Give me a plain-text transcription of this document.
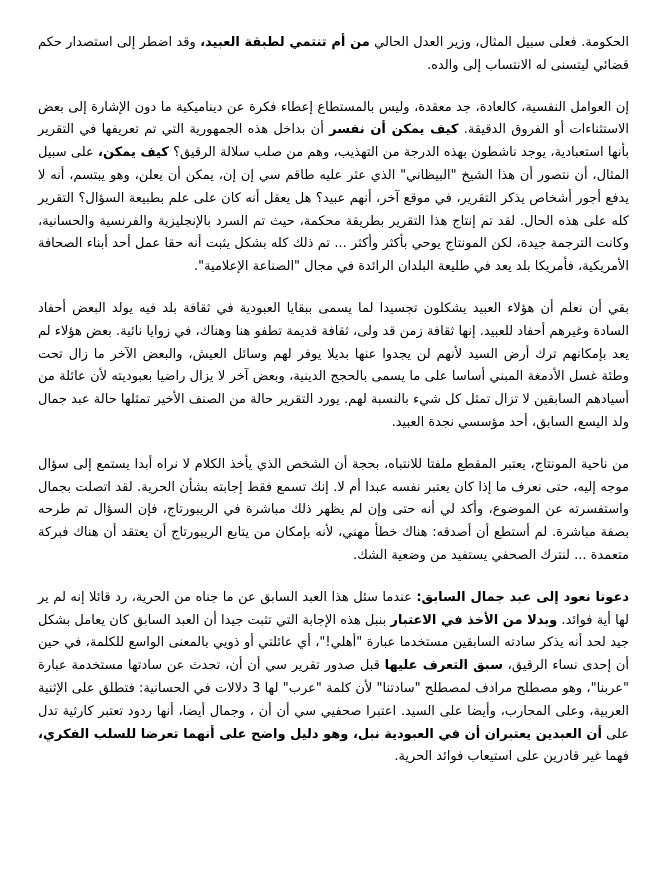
الحكومة. فعلى سبيل المثال، وزير العدل الحالي من أم تنتمي لطبقة العبيد، وقد اضطر إلى استصدار حكم قضائي ليتسنى له الانتساب إلى والده.

إن العوامل النفسية، كالعادة، جد معقدة، وليس بالمستطاع إعطاء فكرة عن ديناميكية ما دون الإشارة إلى بعض الاستثناءات أو الفروق الدقيقة. كيف يمكن أن نفسر أن بداخل هذه الجمهورية التي تم تعريفها في التقرير بأنها استعبادية، يوجد ناشطون بهذه الدرجة من التهذيب، وهم من صلب سلالة الرقيق؟ كيف يمكن، على سبيل المثال، أن نتصور أن هذا الشيخ "البيظاني" الذي عثر عليه طاقم سي إن إن، يمكن أن يعلن، وهو يبتسم، أنه لا يدفع أجور أشخاص يذكر التقرير، في موقع آخر، أنهم عبيد؟ هل يعقل أنه كان على علم بطبيعة السؤال؟ التقرير كله على هذه الحال. لقد تم إنتاج هذا التقرير بطريقة محكمة، حيث تم السرد بالإنجليزية والفرنسية والحسانية، وكانت الترجمة جيدة، لكن المونتاج يوحي بأكثر وأكثر ... تم ذلك كله بشكل يثبت أنه حقا عمل أحد أبناء الصحافة الأمريكية، فأمريكا بلد يعد في طليعة البلدان الرائدة في مجال "الصناعة الإعلامية".

بقي أن نعلم أن هؤلاء العبيد يشكلون تجسيدا لما يسمى ببقايا العبودية في ثقافة بلد فيه يولد البعض أحفاد السادة وغيرهم أحفاد للعبيد. إنها ثقافة زمن قد ولى، ثقافة قديمة تطفو هنا وهناك، في زوايا نائية. بعض هؤلاء لم يعد بإمكانهم ترك أرض السيد لأنهم لن يجدوا عنها بديلا يوفر لهم وسائل العيش، والبعض الآخر ما زال تحت وطئة غسل الأدمغة المبني أساسا على ما يسمى بالحجج الدينية، وبعض آخر لا يزال راضيا بعبوديته لأن عائلة من أسيادهم السابقين لا تزال تمثل كل شيء بالنسبة لهم. يورد التقرير حالة من الصنف الأخير تمثلها حالة عبد جمال ولد اليسع السابق، أحد مؤسسي نجدة العبيد.

من ناحية المونتاج، يعتبر المقطع ملفتا للانتباه، بحجة أن الشخص الذي يأخذ الكلام لا نراه أبدا يستمع إلى سؤال موجه إليه، حتى نعرف ما إذا كان يعتبر نفسه عبدا أم لا. إنك تسمع فقط إجابته بشأن الحرية. لقد اتصلت بجمال واستفسرته عن الموضوع، وأكد لي أنه حتى وإن لم يظهر ذلك مباشرة في الريبورتاج، فإن السؤال تم طرحه بصفة مباشرة. لم أستطع أن أصدقه: هناك خطأ مهني، لأنه بإمكان من يتابع الريبورتاج أن يعتقد أن هناك فبركة متعمدة ... لنترك الصحفي يستفيد من وضعية الشك.

دعونا نعود إلى عبد جمال السابق: عندما سئل هذا العبد السابق عن ما جناه من الحرية، رد قائلا إنه لم ير لها أية فوائد. وبدلا من الأخذ في الاعتبار بنبل هذه الإجابة التي تثبت جيدا أن العبد السابق كان يعامل بشكل جيد لحد أنه يذكر سادته السابقين مستخدما عبارة "أهلي!"، أي عائلتي أو ذويي بالمعنى الواسع للكلمة، في حين أن إحدى نساء الرقيق، سبق التعرف عليها قبل صدور تقرير سي أن أن، تحدث عن سادتها مستخدمة عبارة "عربنا"، وهو مصطلح مرادف لمصطلح "سادتنا" لأن كلمة "عرب" لها 3 دلالات في الحسانية: فتطلق على الإثنية العربية، وعلى المحارب، وأيضا على السيد. اعتبرا صحفيي سي أن أن ، وجمال أيضا، أنها ردود تعتبر كارثية تدل على أن العبدين يعتبران أن في العبودية نبل، وهو دليل واضح على أنهما تعرضا للسلب الفكري، فهما غير قادرين على استيعاب فوائد الحرية.
